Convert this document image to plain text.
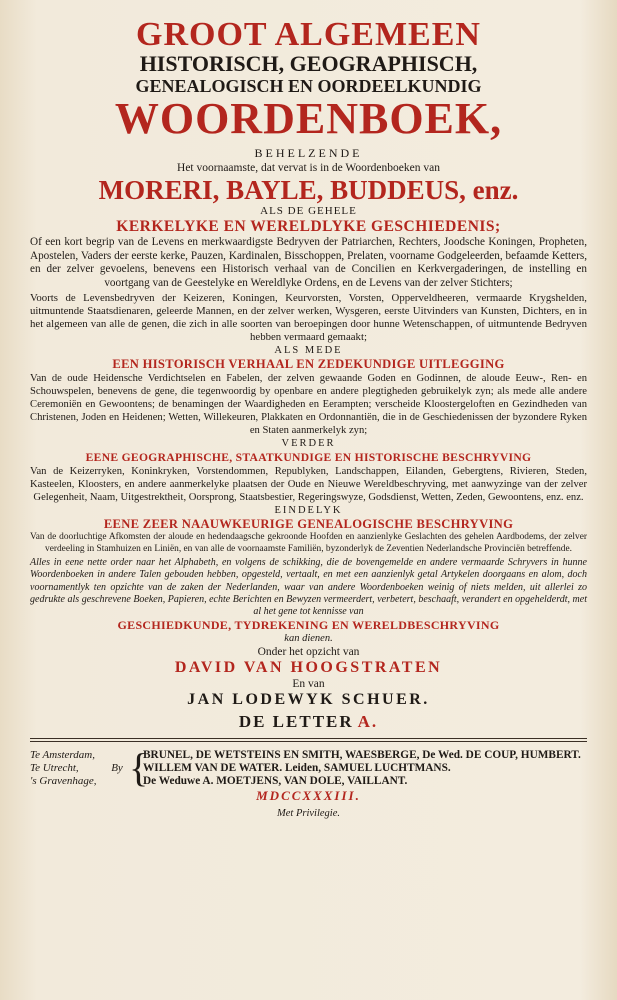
GROOT ALGEMEEN
HISTORISCH, GEOGRAPHISCH,
GENEALOGISCH EN OORDEELKUNDIG
WOORDENBOEK,
BEHELZENDE
Het voornaamste, dat vervat is in de Woordenboeken van
MORERI, BAYLE, BUDDEUS, enz.
ALS DE GEHELE
KERKELYKE EN WERELDLYKE GESCHIEDENIS;
Of een kort begrip van de Levens en merkwaardigste Bedryven der Patriarchen, Rechters, Joodsche Koningen, Propheten, Apostelen, Vaders der eerste kerke, Pauzen, Kardinalen, Bisschoppen, Prelaten, voorname Godgeleerden, befaamde Ketters, en der zelver gevoelens, benevens een Historisch verhaal van de Concilien en Kerkvergaderingen, de instelling en voortgang van de Geestelyke en Wereldlyke Ordens, en de Levens van der zelver Stichters;
Voorts de Levensbedryven der Keizeren, Koningen, Keurvorsten, Vorsten, Opperveldheeren, vermaarde Krygshelden, uitmuntende Staatsdienaren, geleerde Mannen, en der zelver werken, Wysgeren, eerste Uitvinders van Kunsten, Dichters, en in het algemeen van alle de genen, die zich in alle soorten van beroepingen door hunne Wetenschappen, of uitmuntende Bedryven hebben vermaard gemaakt;
ALS MEDE
EEN HISTORISCH VERHAAL EN ZEDEKUNDIGE UITLEGGING
Van de oude Heidensche Verdichtselen en Fabelen, der zelven gewaande Goden en Godinnen, de aloude Eeuw-, Ren- en Schouwspelen, benevens de gene, die tegenwoordig by openbare en andere plegtigheden gebruikelyk zyn; als mede alle andere Ceremoniën en Gewoontens; de benamingen der Waardigheden en Eerampten; verscheide Kloostergeloften en Gezindheden van Christenen, Joden en Heidenen; Wetten, Willekeuren, Plakkaten en Ordonnantiën, die in de Geschiedenissen der byzondere Ryken en Staten aanmerkelyk zyn;
VERDER
EENE GEOGRAPHISCHE, STAATKUNDIGE EN HISTORISCHE BESCHRYVING
Van de Keizerryken, Koninkryken, Vorstendommen, Republyken, Landschappen, Eilanden, Gebergtens, Rivieren, Steden, Kasteelen, Kloosters, en andere aanmerkelyke plaatsen der Oude en Nieuwe Wereldbeschryving, met aanwyzinge van der zelver Gelegenheit, Naam, Uitgestrektheit, Oorsprong, Staatsbestier, Regeringswyze, Godsdienst, Wetten, Zeden, Gewoontens, enz. enz.
EINDELYK
EENE ZEER NAAUWKEURIGE GENEALOGISCHE BESCHRYVING
Van de doorluchtige Afkomsten der aloude en hedendaagsche gekroonde Hoofden en aanzienlyke Geslachten des gehelen Aardbodems, der zelver verdeeling in Stamhuizen en Liniën, en van alle de voornaamste Familiën, byzonderlyk de Zeventien Nederlandsche Provinciën betreffende.
Alles in eene nette order naar het Alphabeth, en volgens de schikking, die de bovengemelde en andere vermaarde Schryvers in hunne Woordenboeken in andere Talen gebouden hebben, opgesteld, vertaalt, en met een aanzienlyk getal Artykelen doorgaans en alom, doch voornamentlyk ten opzichte van de zaken der Nederlanden, waar van andere Woordenboeken weinig of niets melden, uit allerlei zo gedrukte als geschrevene Boeken, Papieren, echte Berichten en Bewyzen vermeerdert, verbetert, beschaaft, verandert en opgehelderdt, met al het gene tot kennisse van
GESCHIEDKUNDE, TYDREKENING EN WERELDBESCHRYVING
kan dienen.
Onder het opzicht van
DAVID VAN HOOGSTRATEN
En van
JAN LODEWYK SCHUER.
DE LETTER A.
Te Amsterdam,
Te Utrecht,
's Gravenhage,
By {
BRUNEL, DE WETSTEINS EN SMITH, WAESBERGE, De Wed. DE COUP, HUMBERT.
WILLEM VAN DE WATER. Leiden, SAMUEL LUCHTMANS.
De Weduwe A. MOETJENS, VAN DOLE, VAILLANT.
MDCCXXXIII.
Met Privilegie.
